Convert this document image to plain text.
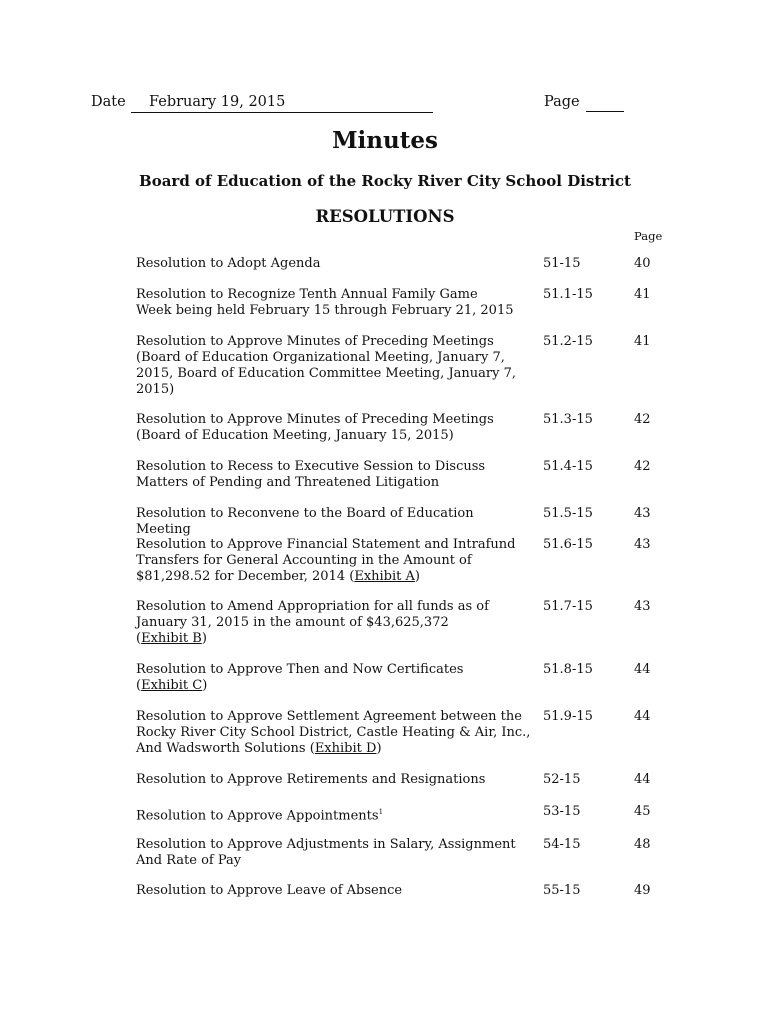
Date	February 19, 2015	Page
Minutes
Board of Education of the Rocky River City School District
RESOLUTIONS
Page
Resolution to Adopt Agenda	51-15	40
Resolution to Recognize Tenth Annual Family Game
Week being held February 15 through February 21, 2015
51.1-15	41
Resolution to Approve Minutes of Preceding Meetings
(Board of Education Organizational Meeting, January 7,
2015, Board of Education Committee Meeting, January 7,
2015)
51.2-15	41
Resolution to Approve Minutes of Preceding Meetings
(Board of Education Meeting, January 15, 2015)
51.3-15	42
Resolution to Recess to Executive Session to Discuss
Matters of Pending and Threatened Litigation
51.4-15	42
Resolution to Reconvene to the Board of Education Meeting
51.5-15	43
Resolution to Approve Financial Statement and Intrafund
Transfers for General Accounting in the Amount of
$81,298.52 for December, 2014 (Exhibit A)
51.6-15	43
Resolution to Amend Appropriation for all funds as of
January 31, 2015 in the amount of $43,625,372
(Exhibit B)
51.7-15	43
Resolution to Approve Then and Now Certificates
(Exhibit C)
51.8-15	44
Resolution to Approve Settlement Agreement between the
Rocky River City School District, Castle Heating & Air, Inc.,
And Wadsworth Solutions (Exhibit D)
51.9-15	44
Resolution to Approve Retirements and Resignations	52-15	44
Resolution to Approve Appointments$^1$	53-15	45
Resolution to Approve Adjustments in Salary, Assignment
And Rate of Pay
54-15	48
Resolution to Approve Leave of Absence	55-15	49
